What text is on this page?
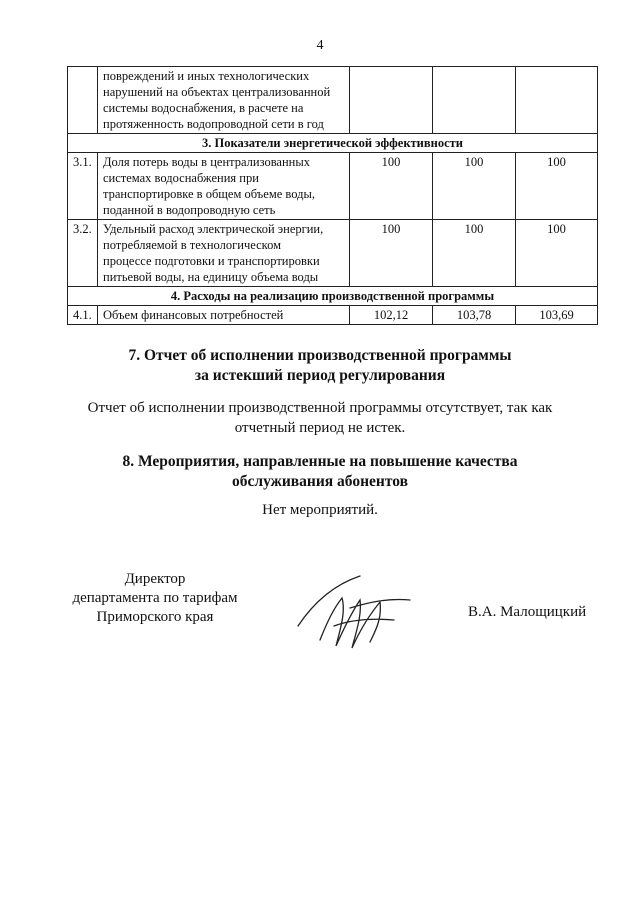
4

	повреждений и иных технологических
нарушений на объектах централизованной
системы водоснабжения, в расчете на
протяженность водопроводной сети в год			

3. Показатели энергетической эффективности				
3.1.	Доля потерь воды в централизованных
системах водоснабжения при
транспортировке в общем объеме воды,
поданной в водопроводную сеть	100	100	100
3.2.	Удельный расход электрической энергии,
потребляемой в технологическом
процессе подготовки и транспортировки
питьевой воды, на единицу объема воды	100	100	100
4. Расходы на реализацию производственной программы				
4.1.	Объем финансовых потребностей	102,12	103,78	103,69
7. Отчет об исполнении производственной программы
за истекший период регулирования
Отчет об исполнении производственной программы отсутствует, так как
отчетный период не истек.
8. Мероприятия, направленные на повышение качества
обслуживания абонентов
Нет мероприятий.
Директор
департамента по тарифам
Приморского края	В.А. Малощицкий
